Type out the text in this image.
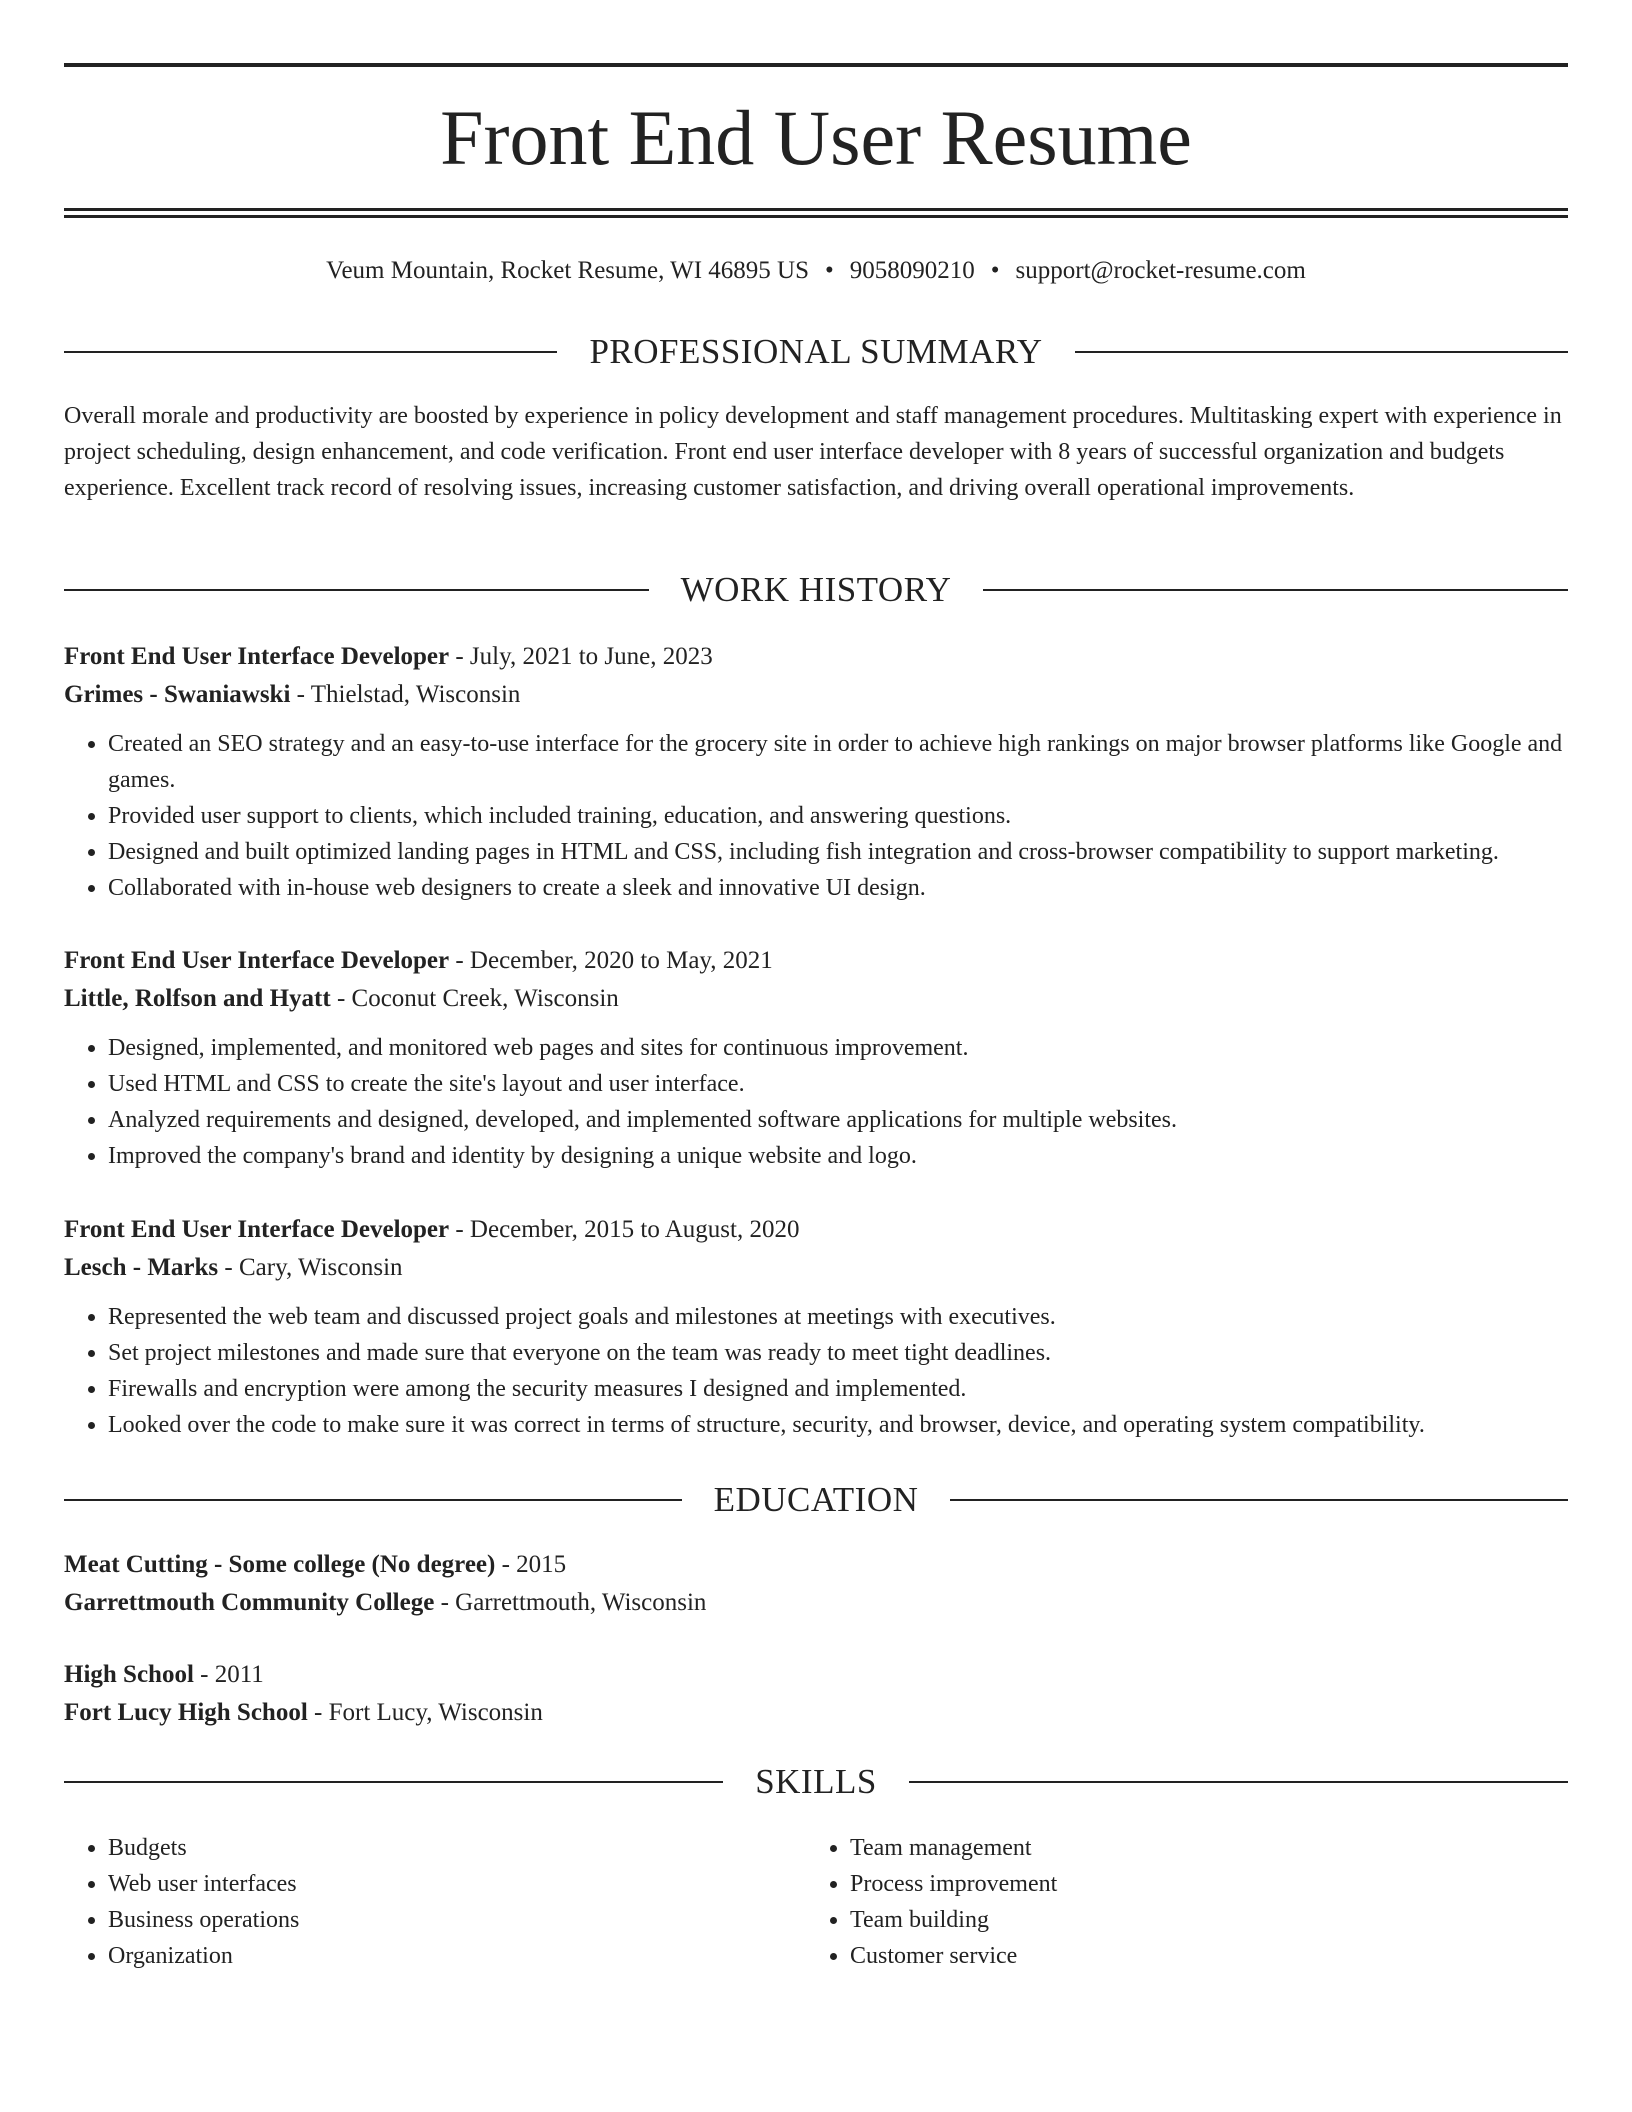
Front End User Resume
Veum Mountain, Rocket Resume, WI 46895 US • 9058090210 • support@rocket-resume.com
PROFESSIONAL SUMMARY
Overall morale and productivity are boosted by experience in policy development and staff management procedures. Multitasking expert with experience in project scheduling, design enhancement, and code verification. Front end user interface developer with 8 years of successful organization and budgets experience. Excellent track record of resolving issues, increasing customer satisfaction, and driving overall operational improvements.
WORK HISTORY

Front End User Interface Developer - July, 2021 to June, 2023

Grimes - Swaniawski - Thielstad, Wisconsin

• Created an SEO strategy and an easy-to-use interface for the grocery site in order to achieve high rankings on major browser platforms like Google and games.
• Provided user support to clients, which included training, education, and answering questions.
• Designed and built optimized landing pages in HTML and CSS, including fish integration and cross-browser compatibility to support marketing.
• Collaborated with in-house web designers to create a sleek and innovative UI design.

Front End User Interface Developer - December, 2020 to May, 2021

Little, Rolfson and Hyatt - Coconut Creek, Wisconsin

• Designed, implemented, and monitored web pages and sites for continuous improvement.
• Used HTML and CSS to create the site's layout and user interface.
• Analyzed requirements and designed, developed, and implemented software applications for multiple websites.
• Improved the company's brand and identity by designing a unique website and logo.

Front End User Interface Developer - December, 2015 to August, 2020

Lesch - Marks - Cary, Wisconsin

• Represented the web team and discussed project goals and milestones at meetings with executives.
• Set project milestones and made sure that everyone on the team was ready to meet tight deadlines.
• Firewalls and encryption were among the security measures I designed and implemented.
• Looked over the code to make sure it was correct in terms of structure, security, and browser, device, and operating system compatibility.
EDUCATION

Meat Cutting - Some college (No degree) - 2015

Garrettmouth Community College - Garrettmouth, Wisconsin

High School - 2011

Fort Lucy High School - Fort Lucy, Wisconsin

SKILLS
• Budgets
• Web user interfaces
• Business operations
• Organization
• Team management
• Process improvement
• Team building
• Customer service
